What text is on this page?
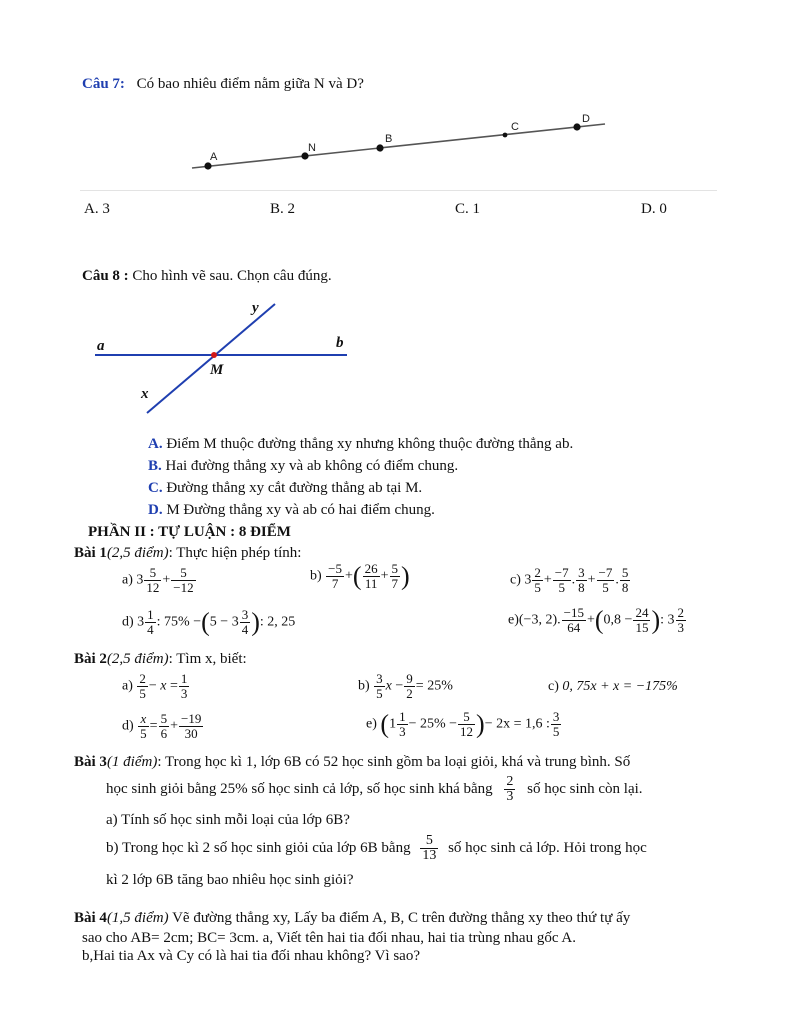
Câu 7: Có bao nhiêu điểm nằm giữa N và D?
A
N
B
C
D
A. 3	B. 2	C. 1	D. 0
Câu 8 : Cho hình vẽ sau. Chọn câu đúng.
a	b
y
x
M
A. Điểm M thuộc đường thẳng xy nhưng không thuộc đường thẳng ab.
B. Hai đường thẳng xy và ab không có điểm chung.
C. Đường thẳng xy cắt đường thẳng ab tại M.
D. M Đường thẳng xy và ab có hai điểm chung.
PHẦN II : TỰ LUẬN : 8 ĐIỂM
Bài 1(2,5 điểm): Thực hiện phép tính:
a) $3 \frac{5}{12} + \frac{5}{-12}$	$b) \frac{-5}{7}$ +( $\frac{26}{11} + \frac{5}{7}$ )	c) $3 \frac{2}{5} + \frac{-7}{5}$ . $\frac{3}{8} + \frac{-7}{5}$ . $\frac{5}{8}$
d) $3 \frac{1}{4}$ : $75\% -(5 - 3 \frac{3}{4}$ ): 2, 25	e)(−3, 2). $\frac{-15}{64} +(0,8 - \frac{24}{15}$ ): $3 \frac{2}{3}$
Bài 2(2,5 điểm): Tìm x, biết:
$a) \frac{2}{5} - x = \frac{1}{3}$	$b) \frac{3}{5}$ $x - \frac{9}{2} = 25\%$	c) 0, 75x + x = −175%
$d) \frac{x}{5} = \frac{5}{6} + \frac{-19}{30}$	e) ($1 \frac{1}{3} - 25\% - \frac{5}{12}$ )− 2x = 1,6 : $\frac{3}{5}$
Bài 3(1 điểm): Trong học kì 1, lớp 6B có 52 học sinh gồm ba loại giỏi, khá và trung bình. Số
học sinh giỏi bằng 25% số học sinh cả lớp, số học sinh khá bằng $\frac{2}{3}$ số học sinh còn lại.
a) Tính số học sinh mỗi loại của lớp 6B?
b) Trong học kì 2 số học sinh giỏi của lớp 6B bằng $\frac{5}{13}$ số học sinh cả lớp. Hỏi trong học
kì 2 lớp 6B tăng bao nhiêu học sinh giỏi?
Bài 4(1,5 điểm) Vẽ đường thẳng xy, Lấy ba điểm A, B, C trên đường thẳng xy theo thứ tự ấy
sao cho AB= 2cm; BC= 3cm. a, Viết tên hai tia đối nhau, hai tia trùng nhau gốc A.
b,Hai tia Ax và Cy có là hai tia đối nhau không? Vì sao?
